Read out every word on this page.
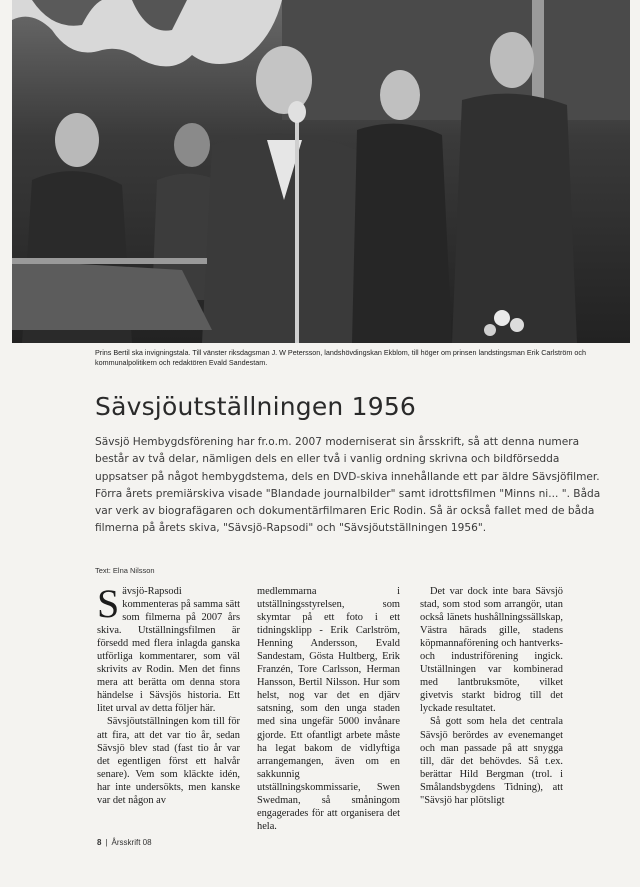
Prins Bertil ska invigningstala. Till vänster riksdagsman J. W Petersson, landshövdingskan Ekblom, till höger om prinsen landstingsman Erik Carlström och kommunalpolitikern och redaktören Evald Sandestam.
Sävsjöutställningen 1956
Sävsjö Hembygdsförening har fr.o.m. 2007 moderniserat sin årsskrift, så att denna numera består av två delar, nämligen dels en eller två i vanlig ordning skrivna och bildförsedda uppsatser på något hembygdstema, dels en DVD-skiva innehållande ett par äldre Sävsjöfilmer. Förra årets premiärskiva visade "Blandade journalbilder" samt idrottsfilmen "Minns ni... ". Båda var verk av biografägaren och dokumentärfilmaren Eric Rodin. Så är också fallet med de båda filmerna på årets skiva, "Sävsjö-Rapsodi" och "Sävsjöutställningen 1956".
Text: Elna Nilsson

Sävsjö-Rapsodi kommenteras på samma sätt som filmerna på 2007 års skiva. Utställningsfilmen är försedd med flera inlagda ganska utförliga kommentarer, som väl skrivits av Rodin. Men det finns mera att berätta om denna stora händelse i Sävsjös historia. Ett litet urval av detta följer här.

Sävsjöutställningen kom till för att fira, att det var tio år, sedan Sävsjö blev stad (fast tio år var det egentligen först ett halvår senare). Vem som kläckte idén, har inte undersökts, men kanske var det någon av

medlemmarna i utställningsstyrelsen, som skymtar på ett foto i ett tidningsklipp - Erik Carlström, Henning Andersson, Evald Sandestam, Gösta Hultberg, Erik Franzén, Tore Carlsson, Herman Hansson, Bertil Nilsson. Hur som helst, nog var det en djärv satsning, som den unga staden med sina ungefär 5000 invånare gjorde. Ett ofantligt arbete måste ha legat bakom de vidlyftiga arrangemangen, även om en sakkunnig utställningskommissarie, Swen Swedman, så småningom engagerades för att organisera det hela.

Det var dock inte bara Sävsjö stad, som stod som arrangör, utan också länets hushållningssällskap, Västra härads gille, stadens köpmannaförening och hantverks- och industriförening ingick. Utställningen var kombinerad med lantbruksmöte, vilket givetvis starkt bidrog till det lyckade resultatet.

Så gott som hela det centrala Sävsjö berördes av evenemanget och man passade på att snygga till, där det behövdes. Så t.ex. berättar Hild Bergman (trol. i Smålandsbygdens Tidning), att "Sävsjö har plötsligt

8 | Årsskrift 08
